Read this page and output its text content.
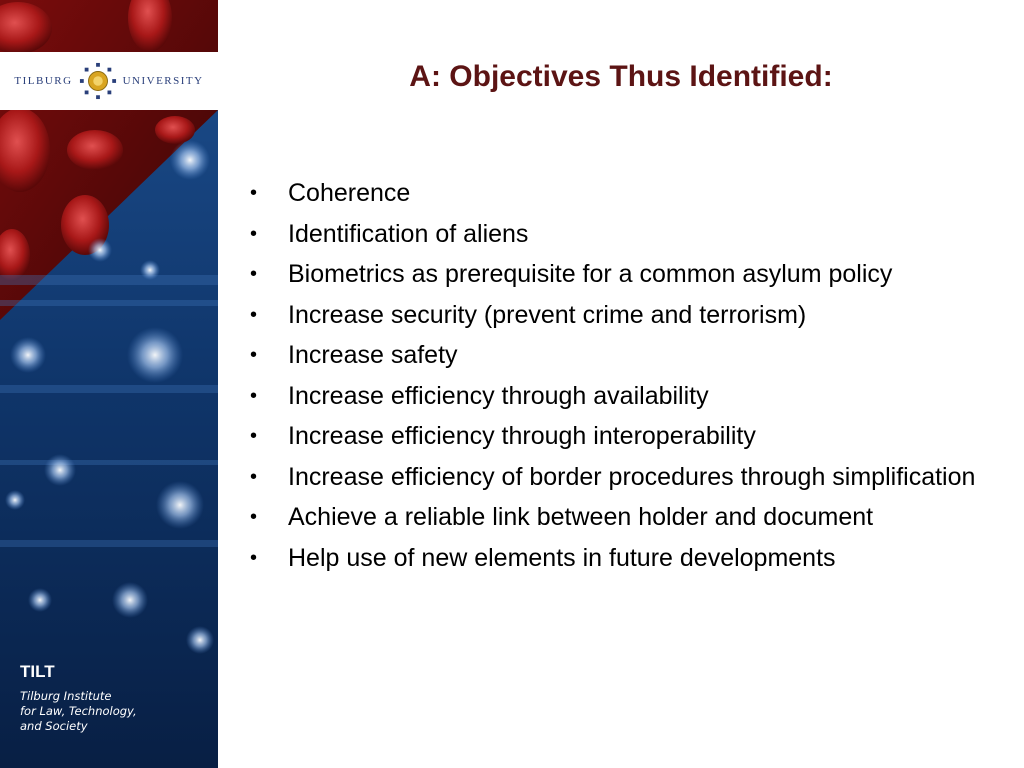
TILBURG	UNIVERSITY
TILT
Tilburg Institute
for Law, Technology,
and Society
A: Objectives Thus Identified:
•	Coherence
•	Identification of aliens
•	Biometrics as prerequisite for a common asylum policy
•	Increase security (prevent crime and terrorism)
•	Increase safety
•	Increase efficiency through availability
•	Increase efficiency through interoperability
•	Increase efficiency of border procedures through simplification
•	Achieve a reliable link between holder and document
•	Help use of new elements in future developments
